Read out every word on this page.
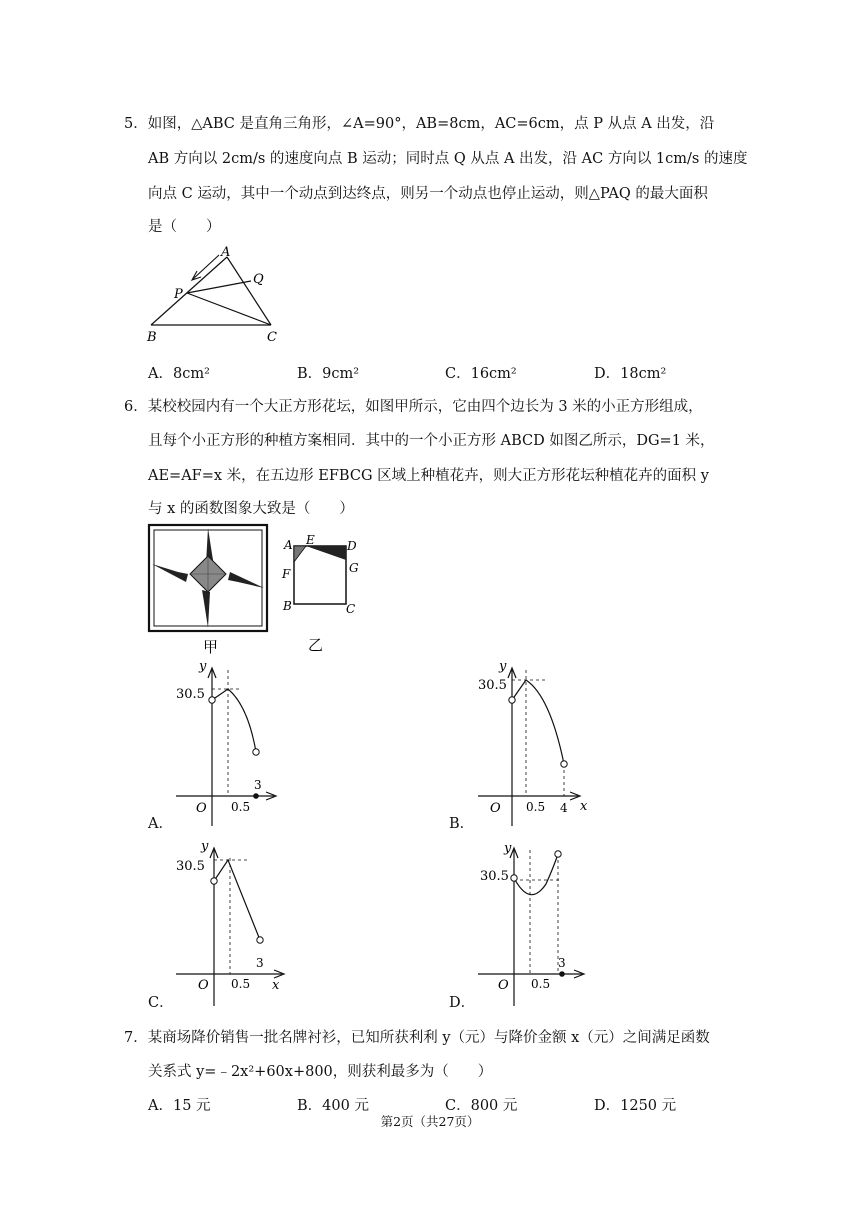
5．如图，△ABC 是直角三角形，∠A=90°，AB=8cm，AC=6cm，点 P 从点 A 出发，沿
AB 方向以 2cm/s 的速度向点 B 运动；同时点 Q 从点 A 出发，沿 AC 方向以 1cm/s 的速度
向点 C 运动，其中一个动点到达终点，则另一个动点也停止运动，则△PAQ 的最大面积
是（　　）
A
P
Q
B	C
A．8cm²	B．9cm²	C．16cm²	D．18cm²
6．某校校园内有一个大正方形花坛，如图甲所示，它由四个边长为 3 米的小正方形组成，
且每个小正方形的种植方案相同．其中的一个小正方形 ABCD 如图乙所示，DG=1 米，
AE=AF=x 米，在五边形 EFBCG 区域上种植花卉，则大正方形花坛种植花卉的面积 y
与 x 的函数图象大致是（　　）
甲
A E	D
F	G
B	C
乙
A．
y
30.5
O 0.5
3
B．
y
30.5
O 0.5 4 x
C．
y
30.5
O 0.5
3
x
D．
y
30.5
O 0.5
3
7．某商场降价销售一批名牌衬衫，已知所获利利 y（元）与降价金额 x（元）之间满足函数
关系式 y=﹣2x²+60x+800，则获利最多为（　　）
A．15 元	B．400 元	C．800 元	D．1250 元
第2页（共27页）
